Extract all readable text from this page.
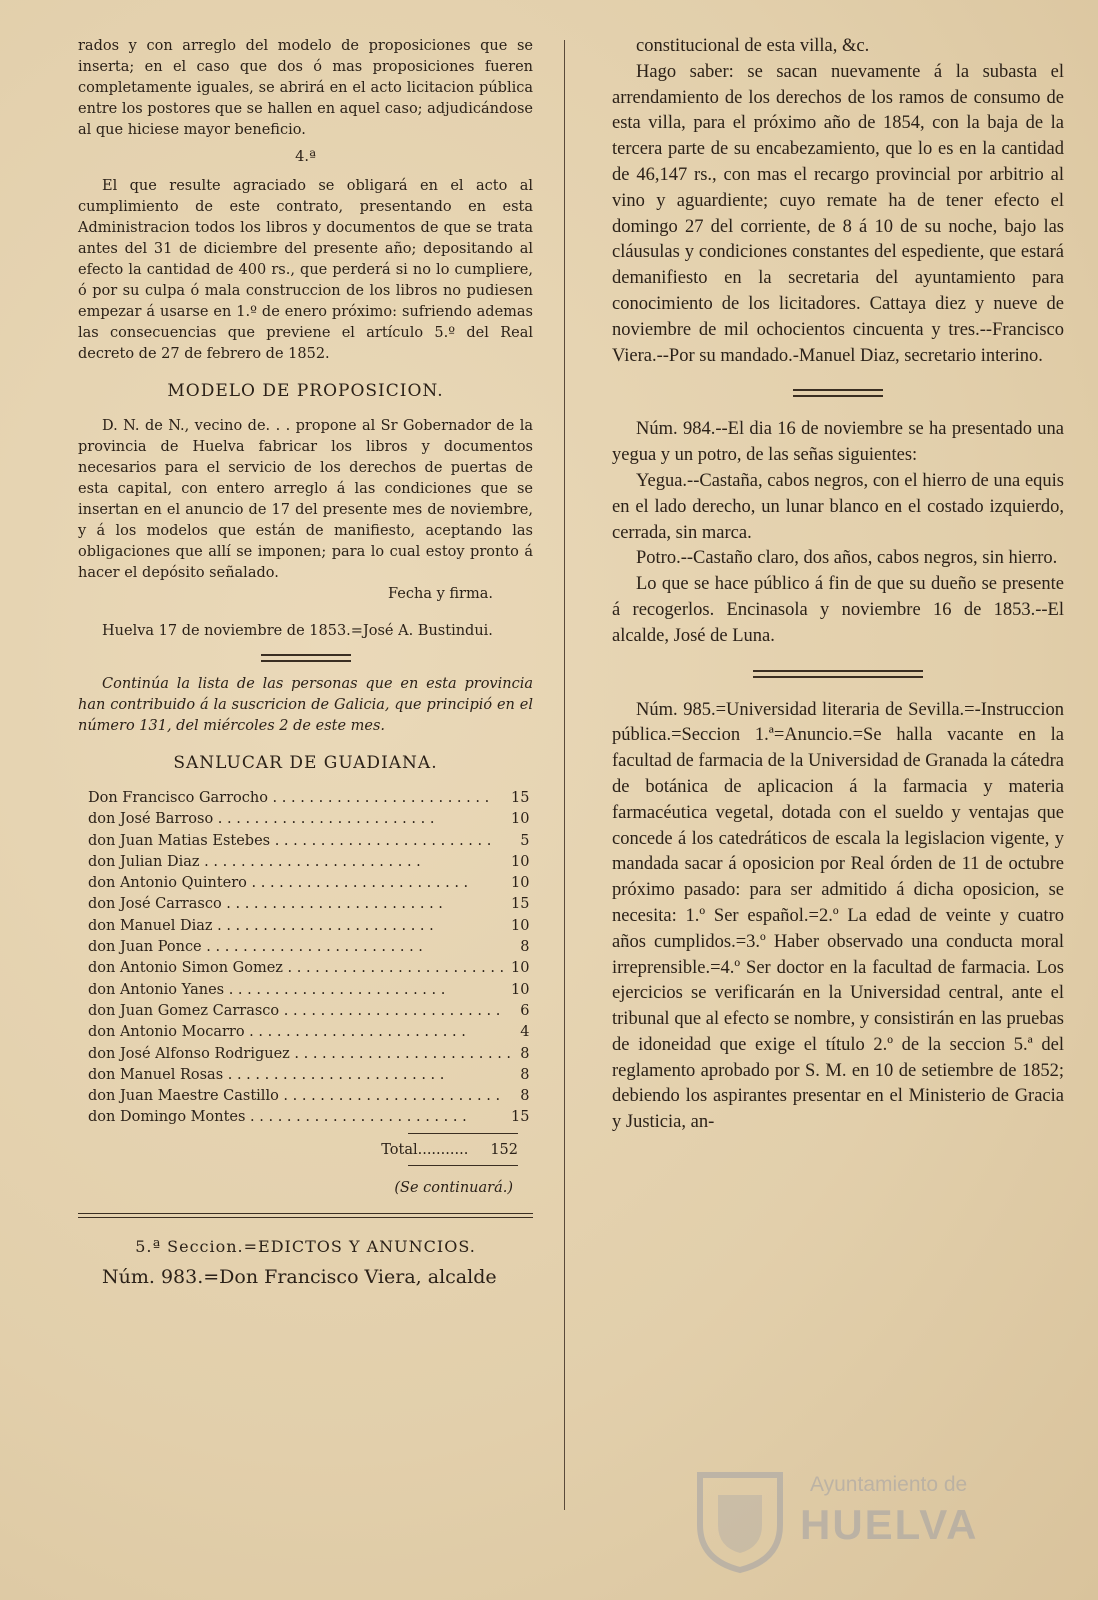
rados y con arreglo del modelo de proposiciones que se inserta; en el caso que dos ó mas proposiciones fueren completamente iguales, se abrirá en el acto licitacion pública entre los postores que se hallen en aquel caso; adjudicándose al que hiciese mayor beneficio.

4.ª

El que resulte agraciado se obligará en el acto al cumplimiento de este contrato, presentando en esta Administracion todos los libros y documentos de que se trata antes del 31 de diciembre del presente año; depositando al efecto la cantidad de 400 rs., que perderá si no lo cumpliere, ó por su culpa ó mala construccion de los libros no pudiesen empezar á usarse en 1.º de enero próximo: sufriendo ademas las consecuencias que previene el artículo 5.º del Real decreto de 27 de febrero de 1852.

MODELO DE PROPOSICION.

D. N. de N., vecino de. . . propone al Sr Gobernador de la provincia de Huelva fabricar los libros y documentos necesarios para el servicio de los derechos de puertas de esta capital, con entero arreglo á las condiciones que se insertan en el anuncio de 17 del presente mes de noviembre, y á los modelos que están de manifiesto, aceptando las obligaciones que allí se imponen; para lo cual estoy pronto á hacer el depósito señalado.

Fecha y firma.

Huelva 17 de noviembre de 1853.=José A. Bustindui.

Continúa la lista de las personas que en esta provincia han contribuido á la suscricion de Galicia, que principió en el número 131, del miércoles 2 de este mes.

SANLUCAR DE GUADIANA.

Don Francisco Garrocho . . .	15
don José Barroso . . .	10
don Juan Matias Estebes . . .	5
don Julian Diaz . . .	10
don Antonio Quintero . . .	10
don José Carrasco . . .	15
don Manuel Diaz . . .	10
don Juan Ponce . . .	8
don Antonio Simon Gomez . . .	10
don Antonio Yanes . . .	10
don Juan Gomez Carrasco . . .	6
don Antonio Mocarro . . .	4
don José Alfonso Rodriguez . . .	8
don Manuel Rosas . . .	8
don Juan Maestre Castillo . . .	8
don Domingo Montes . . .	15
Total........... 152

(Se continuará.)

5.ª Seccion.=EDICTOS Y ANUNCIOS.

Núm. 983.=Don Francisco Viera, alcalde

constitucional de esta villa, &c.

Hago saber: se sacan nuevamente á la subasta el arrendamiento de los derechos de los ramos de consumo de esta villa, para el próximo año de 1854, con la baja de la tercera parte de su encabezamiento, que lo es en la cantidad de 46,147 rs., con mas el recargo provincial por arbitrio al vino y aguardiente; cuyo remate ha de tener efecto el domingo 27 del corriente, de 8 á 10 de su noche, bajo las cláusulas y condiciones constantes del espediente, que estará demanifiesto en la secretaria del ayuntamiento para conocimiento de los licitadores. Cattaya diez y nueve de noviembre de mil ochocientos cincuenta y tres.--Francisco Viera.--Por su mandado.-Manuel Diaz, secretario interino.

Núm. 984.--El dia 16 de noviembre se ha presentado una yegua y un potro, de las señas siguientes:

Yegua.--Castaña, cabos negros, con el hierro de una equis en el lado derecho, un lunar blanco en el costado izquierdo, cerrada, sin marca.

Potro.--Castaño claro, dos años, cabos negros, sin hierro.

Lo que se hace público á fin de que su dueño se presente á recogerlos. Encinasola y noviembre 16 de 1853.--El alcalde, José de Luna.

Núm. 985.=Universidad literaria de Sevilla.=-Instruccion pública.=Seccion 1.ª=Anuncio.=Se halla vacante en la facultad de farmacia de la Universidad de Granada la cátedra de botánica de aplicacion á la farmacia y materia farmacéutica vegetal, dotada con el sueldo y ventajas que concede á los catedráticos de escala la legislacion vigente, y mandada sacar á oposicion por Real órden de 11 de octubre próximo pasado: para ser admitido á dicha oposicion, se necesita: 1.º Ser español.=2.º La edad de veinte y cuatro años cumplidos.=3.º Haber observado una conducta moral irreprensible.=4.º Ser doctor en la facultad de farmacia. Los ejercicios se verificarán en la Universidad central, ante el tribunal que al efecto se nombre, y consistirán en las pruebas de idoneidad que exige el título 2.º de la seccion 5.ª del reglamento aprobado por S. M. en 10 de setiembre de 1852; debiendo los aspirantes presentar en el Ministerio de Gracia y Justicia, an-

Ayuntamiento de
HUELVA
